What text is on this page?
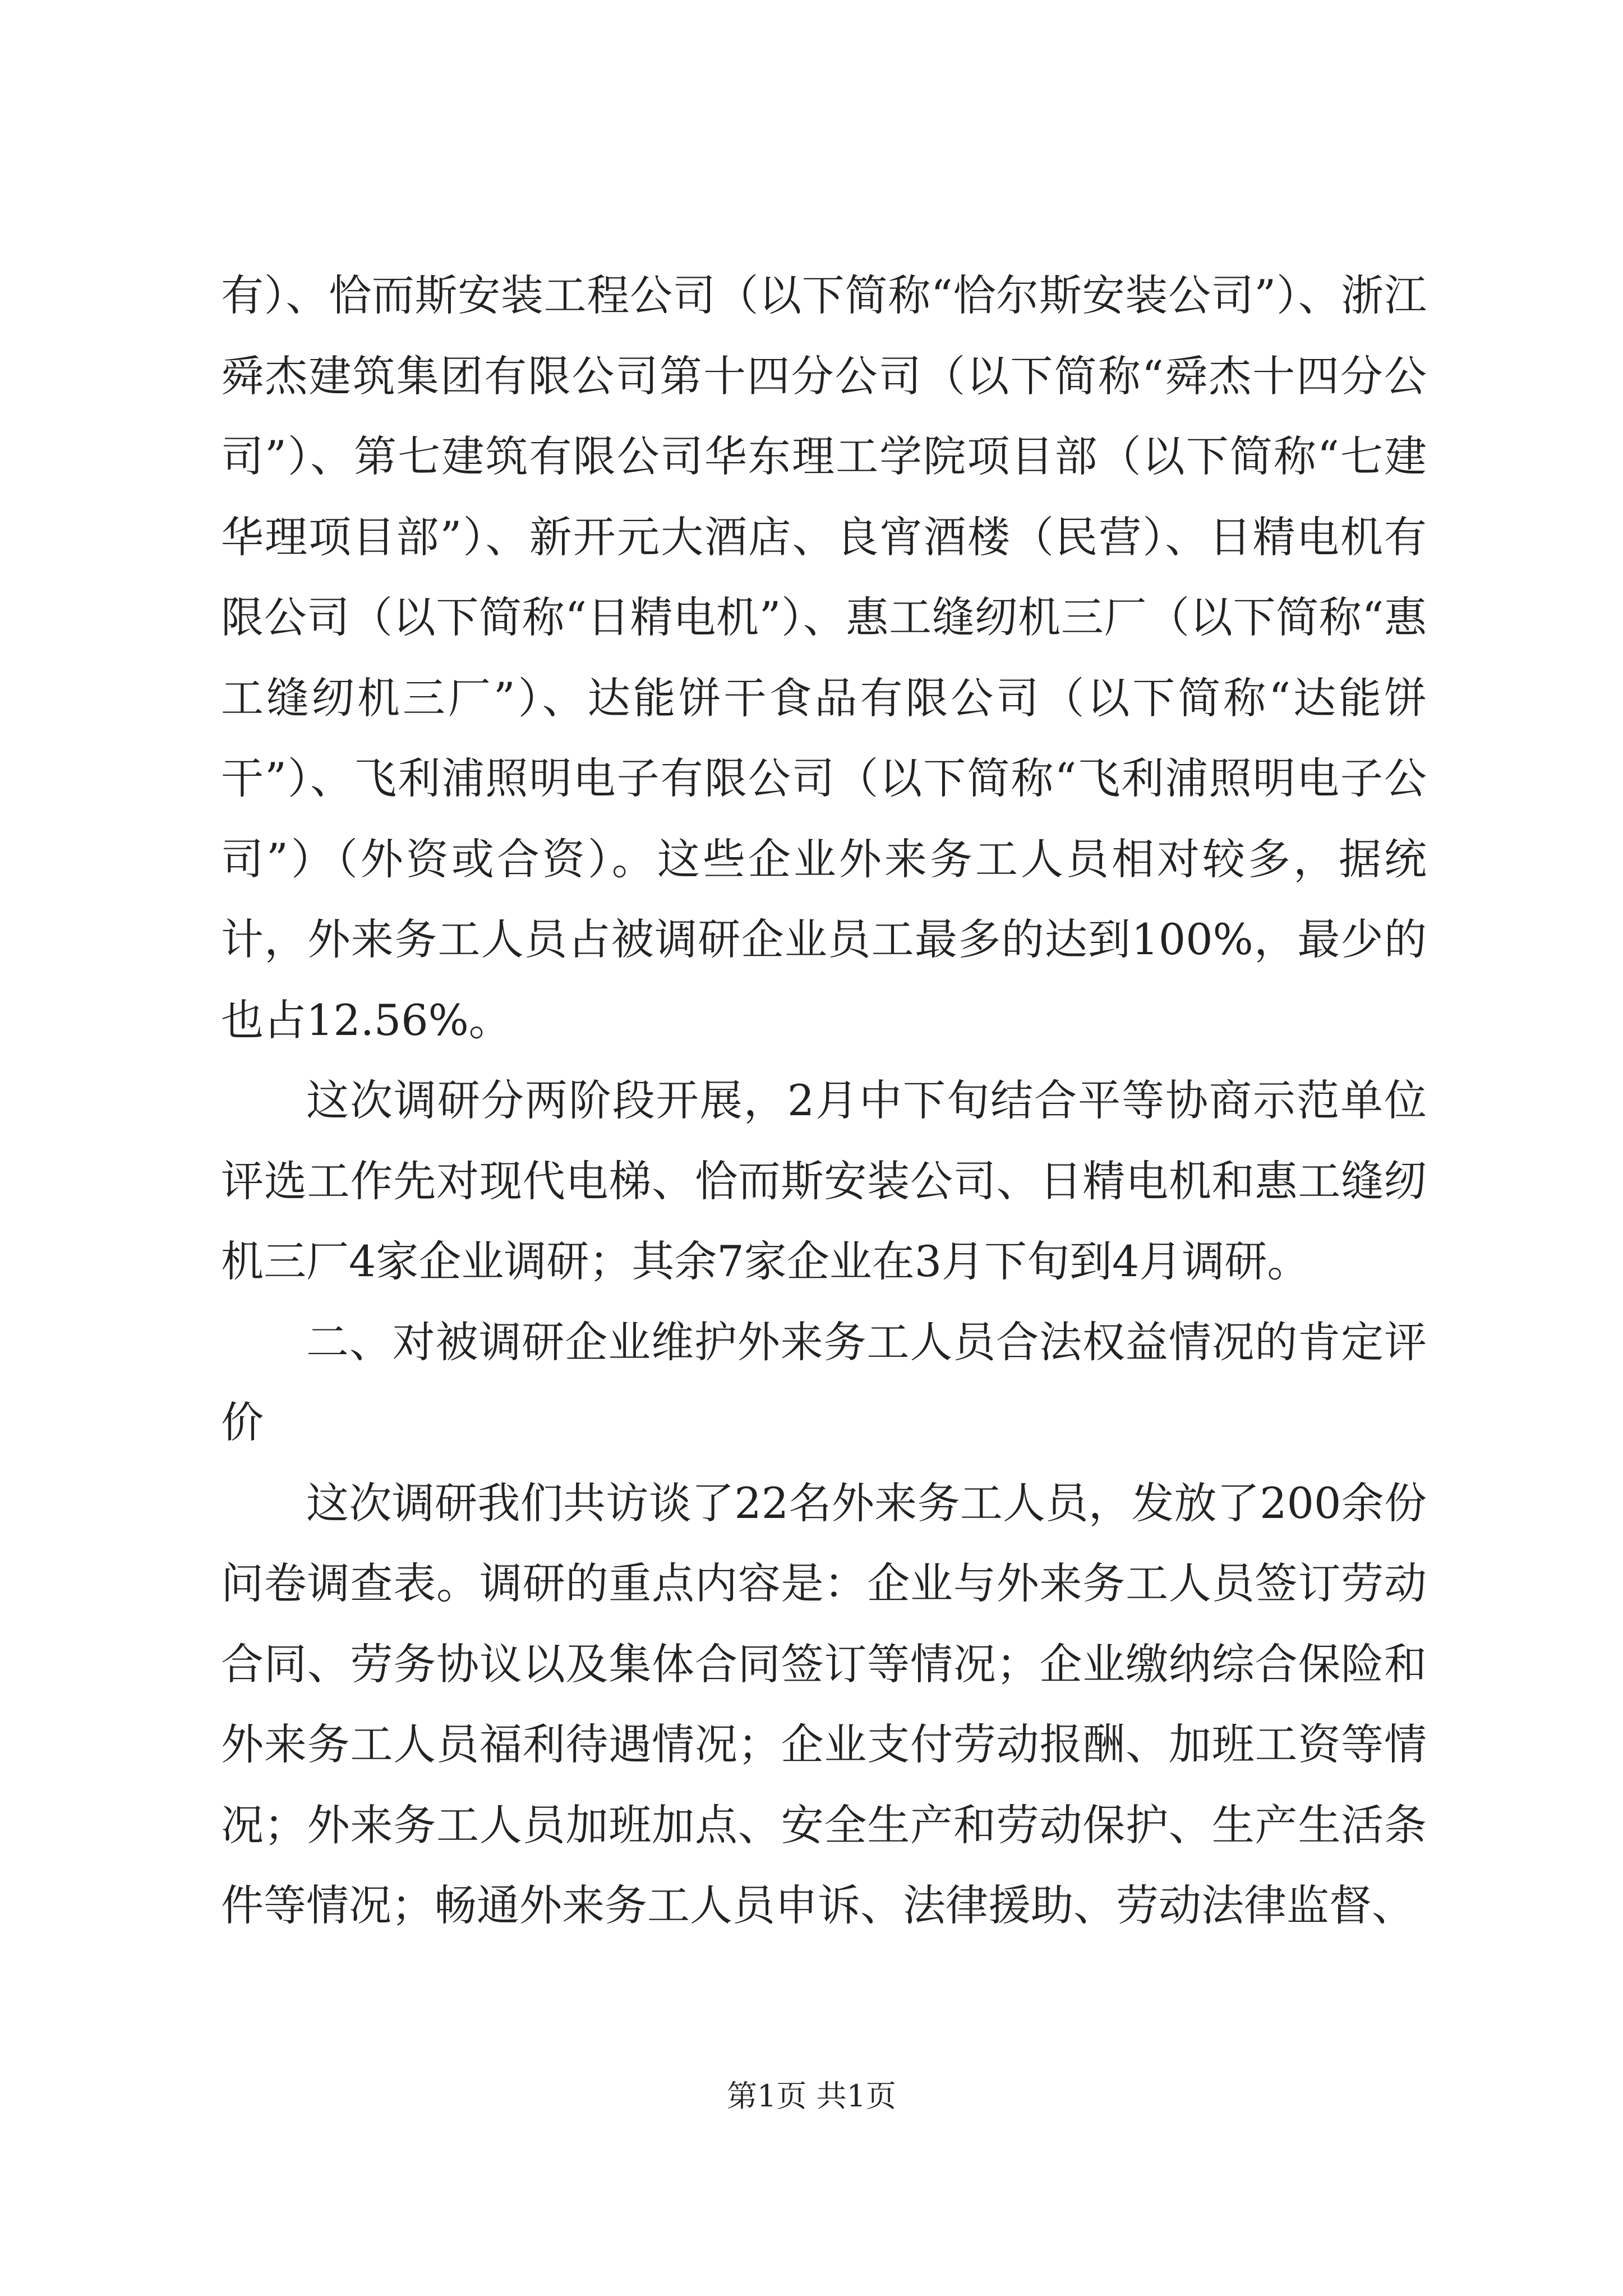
有）、恰而斯安装工程公司（以下简称“恰尔斯安装公司”）、浙江舜杰建筑集团有限公司第十四分公司（以下简称“舜杰十四分公司”）、第七建筑有限公司华东理工学院项目部（以下简称“七建华理项目部”）、新开元大酒店、良宵酒楼（民营）、日精电机有限公司（以下简称“日精电机”）、惠工缝纫机三厂（以下简称“惠工缝纫机三厂”）、达能饼干食品有限公司（以下简称“达能饼干”）、飞利浦照明电子有限公司（以下简称“飞利浦照明电子公司”）（外资或合资）。这些企业外来务工人员相对较多，据统计，外来务工人员占被调研企业员工最多的达到100%，最少的也占12.56%。

这次调研分两阶段开展，2月中下旬结合平等协商示范单位评选工作先对现代电梯、恰而斯安装公司、日精电机和惠工缝纫机三厂4家企业调研；其余7家企业在3月下旬到4月调研。

二、对被调研企业维护外来务工人员合法权益情况的肯定评价

这次调研我们共访谈了22名外来务工人员，发放了200余份问卷调查表。调研的重点内容是：企业与外来务工人员签订劳动合同、劳务协议以及集体合同签订等情况；企业缴纳综合保险和外来务工人员福利待遇情况；企业支付劳动报酬、加班工资等情况；外来务工人员加班加点、安全生产和劳动保护、生产生活条件等情况；畅通外来务工人员申诉、法律援助、劳动法律监督、

第1页 共1页
